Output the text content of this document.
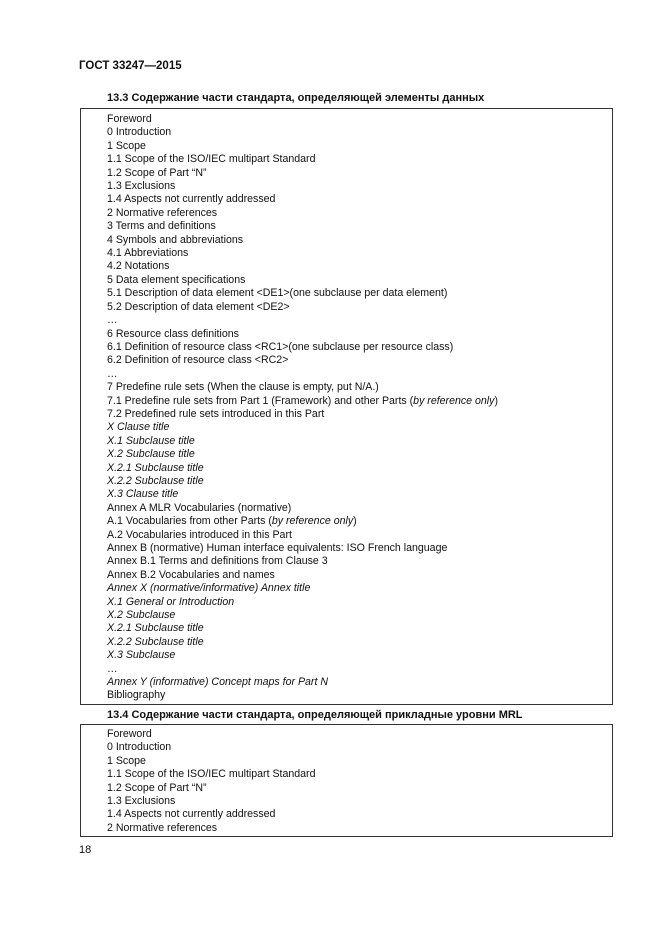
ГОСТ 33247—2015
13.3 Содержание части стандарта, определяющей элементы данных
Foreword
0 Introduction
1 Scope
1.1 Scope of the ISO/IEC multipart Standard
1.2 Scope of Part “N”
1.3 Exclusions
1.4 Aspects not currently addressed
2 Normative references
3 Terms and definitions
4 Symbols and abbreviations
4.1 Abbreviations
4.2 Notations
5 Data element specifications
5.1 Description of data element <DE1>(one subclause per data element)
5.2 Description of data element <DE2>
…
6 Resource class definitions
6.1 Definition of resource class <RC1>(one subclause per resource class)
6.2 Definition of resource class <RC2>
…
7 Predefine rule sets (When the clause is empty, put N/A.)
7.1 Predefine rule sets from Part 1 (Framework) and other Parts (by reference only)
7.2 Predefined rule sets introduced in this Part
X Clause title
X.1 Subclause title
X.2 Subclause title
X.2.1 Subclause title
X.2.2 Subclause title
X.3 Clause title
Annex A MLR Vocabularies (normative)
A.1 Vocabularies from other Parts (by reference only)
A.2 Vocabularies introduced in this Part
Annex B (normative) Human interface equivalents: ISO French language
Annex B.1 Terms and definitions from Clause 3
Annex B.2 Vocabularies and names
Annex X (normative/informative) Annex title
X.1 General or Introduction
X.2 Subclause
X.2.1 Subclause title
X.2.2 Subclause title
X.3 Subclause
…
Annex Y (informative) Concept maps for Part N
Bibliography
13.4 Содержание части стандарта, определяющей прикладные уровни MRL
Foreword
0 Introduction
1 Scope
1.1 Scope of the ISO/IEC multipart Standard
1.2 Scope of Part “N”
1.3 Exclusions
1.4 Aspects not currently addressed
2 Normative references
18
